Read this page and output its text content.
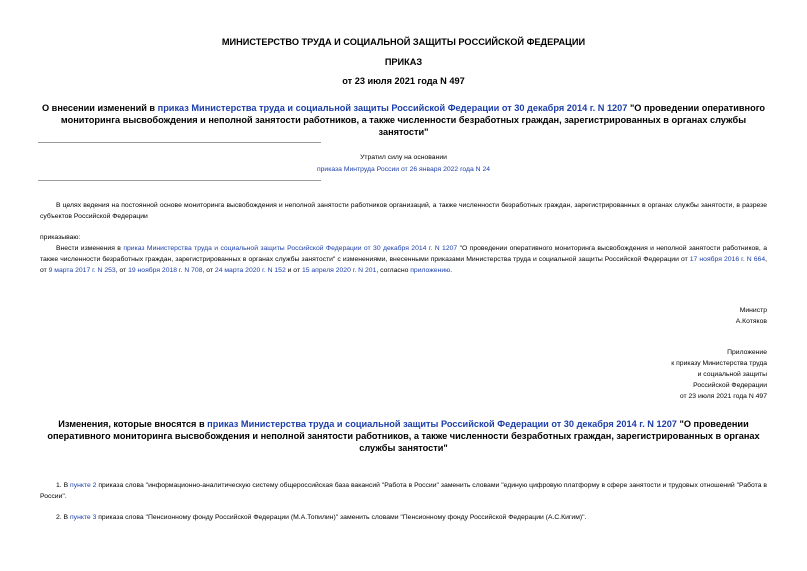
МИНИСТЕРСТВО ТРУДА И СОЦИАЛЬНОЙ ЗАЩИТЫ РОССИЙСКОЙ ФЕДЕРАЦИИ
ПРИКАЗ
от 23 июля 2021 года N 497
О внесении изменений в приказ Министерства труда и социальной защиты Российской Федерации от 30 декабря 2014 г. N 1207 "О проведении оперативного мониторинга высвобождения и неполной занятости работников, а также численности безработных граждан, зарегистрированных в органах службы занятости"
Утратил силу на основании
приказа Минтруда России от 26 января 2022 года N 24
В целях ведения на постоянной основе мониторинга высвобождения и неполной занятости работников организаций, а также численности безработных граждан, зарегистрированных в органах службы занятости, в разрезе субъектов Российской Федерации
приказываю:
Внести изменения в приказ Министерства труда и социальной защиты Российской Федерации от 30 декабря 2014 г. N 1207 "О проведении оперативного мониторинга высвобождения и неполной занятости работников, а также численности безработных граждан, зарегистрированных в органах службы занятости" с изменениями, внесенными приказами Министерства труда и социальной защиты Российской Федерации от 17 ноября 2016 г. N 664, от 9 марта 2017 г. N 253, от 19 ноября 2018 г. N 708, от 24 марта 2020 г. N 152 и от 15 апреля 2020 г. N 201, согласно приложению.
Министр
А.Котяков
Приложение
к приказу Министерства труда
и социальной защиты
Российской Федерации
от 23 июля 2021 года N 497
Изменения, которые вносятся в приказ Министерства труда и социальной защиты Российской Федерации от 30 декабря 2014 г. N 1207 "О проведении оперативного мониторинга высвобождения и неполной занятости работников, а также численности безработных граждан, зарегистрированных в органах службы занятости"
1. В пункте 2 приказа слова "информационно-аналитическую систему общероссийская база вакансий "Работа в России" заменить словами "единую цифровую платформу в сфере занятости и трудовых отношений "Работа в России".
2. В пункте 3 приказа слова "Пенсионному фонду Российской Федерации (М.А.Топилин)" заменить словами "Пенсионному фонду Российской Федерации (А.С.Кигим)".
